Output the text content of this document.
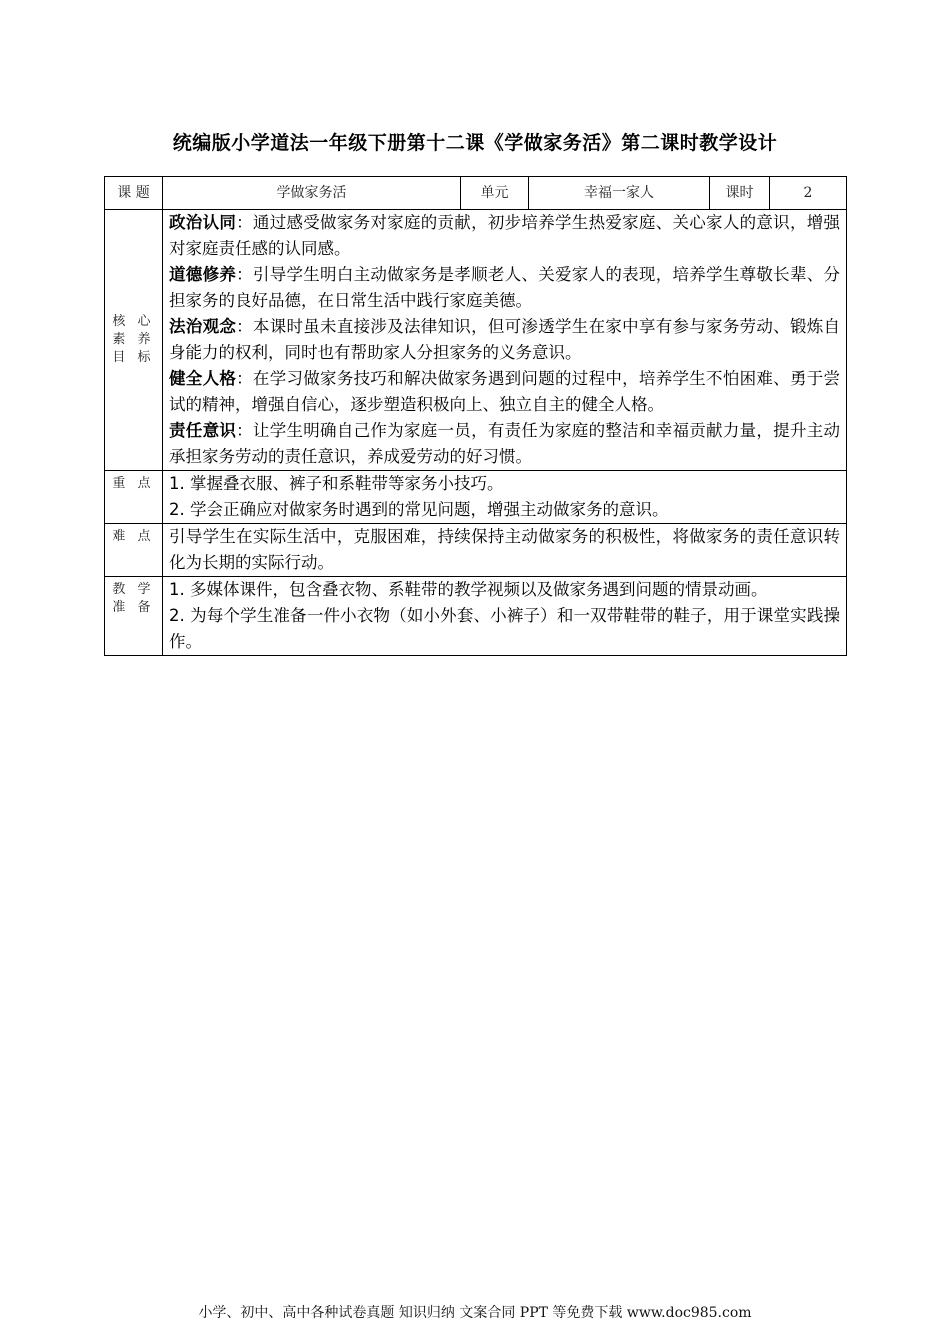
统编版小学道法一年级下册第十二课《学做家务活》第二课时教学设计
课 题	学做家务活	单元	幸福一家人	课时	2
核 心 素 养 目 标	政治认同：通过感受做家务对家庭的贡献，初步培养学生热爱家庭、关心家人的意识，增强对家庭责任感的认同感。

道德修养：引导学生明白主动做家务是孝顺老人、关爱家人的表现，培养学生尊敬长辈、分担家务的良好品德，在日常生活中践行家庭美德。

法治观念：本课时虽未直接涉及法律知识，但可渗透学生在家中享有参与家务劳动、锻炼自身能力的权利，同时也有帮助家人分担家务的义务意识。

健全人格：在学习做家务技巧和解决做家务遇到问题的过程中，培养学生不怕困难、勇于尝试的精神，增强自信心，逐步塑造积极向上、独立自主的健全人格。

责任意识：让学生明确自己作为家庭一员，有责任为家庭的整洁和幸福贡献力量，提升主动承担家务劳动的责任意识，养成爱劳动的好习惯。				

重 点	1. 掌握叠衣服、裤子和系鞋带等家务小技巧。

2. 学会正确应对做家务时遇到的常见问题，增强主动做家务的意识。				

难 点	引导学生在实际生活中，克服困难，持续保持主动做家务的积极性，将做家务的责任意识转化为长期的实际行动。				

教 学 准 备	1. 多媒体课件，包含叠衣物、系鞋带的教学视频以及做家务遇到问题的情景动画。

2. 为每个学生准备一件小衣物（如小外套、小裤子）和一双带鞋带的鞋子，用于课堂实践操作。				

小学、初中、高中各种试卷真题 知识归纳 文案合同 PPT 等免费下载 www.doc985.com
